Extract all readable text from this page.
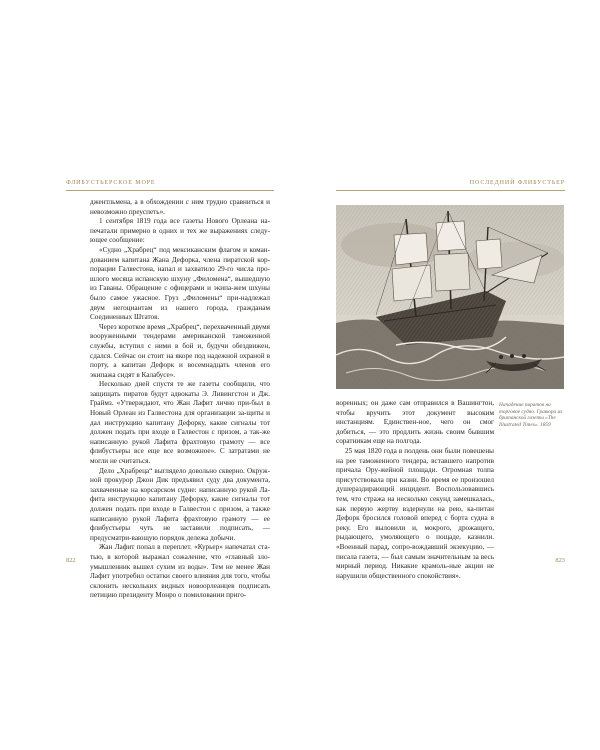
ФЛИБУСТЬЕРСКОЕ МОРЕ

джентльмена, а в обхождении с ним трудно сравниться и невозможно преуспеть».

1 сентября 1819 года все газеты Нового Орлеана на-печатали примерно в одних и тех же выражениях следу-ющее сообщение:

«Судно „Храбрец“ под мексиканским флагом и коман-дованием капитана Жана Дефорка, члена пиратской кор-порации Галвестона, напал и захватило 29-го числа про-шлого месяца испанскую шхуну „Филомена“, вышедшую из Гаваны. Обращение с офицерами и экипа-жем шхуны было самое ужасное. Груз „Филомены“ при-надлежал двум негоциантам из нашего города, гражданам Соединенных Штатов.

Через короткое время „Храбрец“, перехваченный двумя вооруженными тендерами американской таможенной службы, вступил с ними в бой и, будучи обездвижен, сдался. Сейчас он стоит на якоре под надежной охраной в порту, а капитан Дефорк и восемнадцать членов его экипажа сидят в Калабусе».

Несколько дней спустя те же газеты сообщили, что защищать пиратов будут адвокаты Э. Ливингстон и Дж. Граймз. «Утверждают, что Жан Лафит лично при-был в Новый Орлеан из Галвестона для организации за-щиты и дал инструкцию капитану Дефорку, какие сигналы тот должен подать при входе в Галвестон с призом, а так-же написанную рукой Лафита фрахтовую грамоту — все флибустьеры все еще все возможное». С затратами не могли не считаться.

Дело „Храбреца“ выглядело довольно скверно. Окруж-ной прокурор Джон Дик предъявил суду два документа, захваченные на корсарском судне: написанную рукой Ла-фита инструкцию капитану Дефорку, какие сигналы тот должен подать при входе в Галвестон с призом, а также написанную рукой Лафита фрахтовую грамоту — ее флибустьеры чуть не заставили подписать, — предусматри-вающую порядок дележа добычи.

Жан Лафит попал в переплет. «Курьер» напечатал ста-тью, в которой выражал сожаление, что «главный зло-умышленник вышел сухим из воды». Тем не менее Жан Лафит употребил остатки своего влияния для того, чтобы склонить нескольких видных новоорлеанцев подписать петицию президенту Монро о помиловании приго-

822
ПОСЛЕДНИЙ ФЛИБУСТЬЕР
Нападение пиратов на торговое судно. Гравюра из британской газеты «The Illustrated Times». 1859

воренных; он даже сам отправился в Вашингтон, чтобы вручить этот документ высоким инстанциям. Единствен-ное, чего он смог добиться, — это продлить жизнь своим бывшим соратникам еще на полгода.

25 мая 1820 года в полдень они были повешены на рее таможенного тендера, вставшего напротив причала Ору-жейной площади. Огромная толпа присутствовала при казни. Во время ее произошел душераздирающий инцидент. Воспользовавшись тем, что стража на несколько секунд замешкалась, как первую жертву вздернули на рею, ка-питан Дефорк бросился головой вперед с борта судна в реку. Его выловили и, мокрого, дрожащего, рыдающего, умоляющего о пощаде, казнили. «Военный парад, сопро-вождавший экзекуцию, — писала газета, — был самым значительным за весь мирный период. Никакие крамоль-ные акции не нарушили общественного спокойствия».

823
